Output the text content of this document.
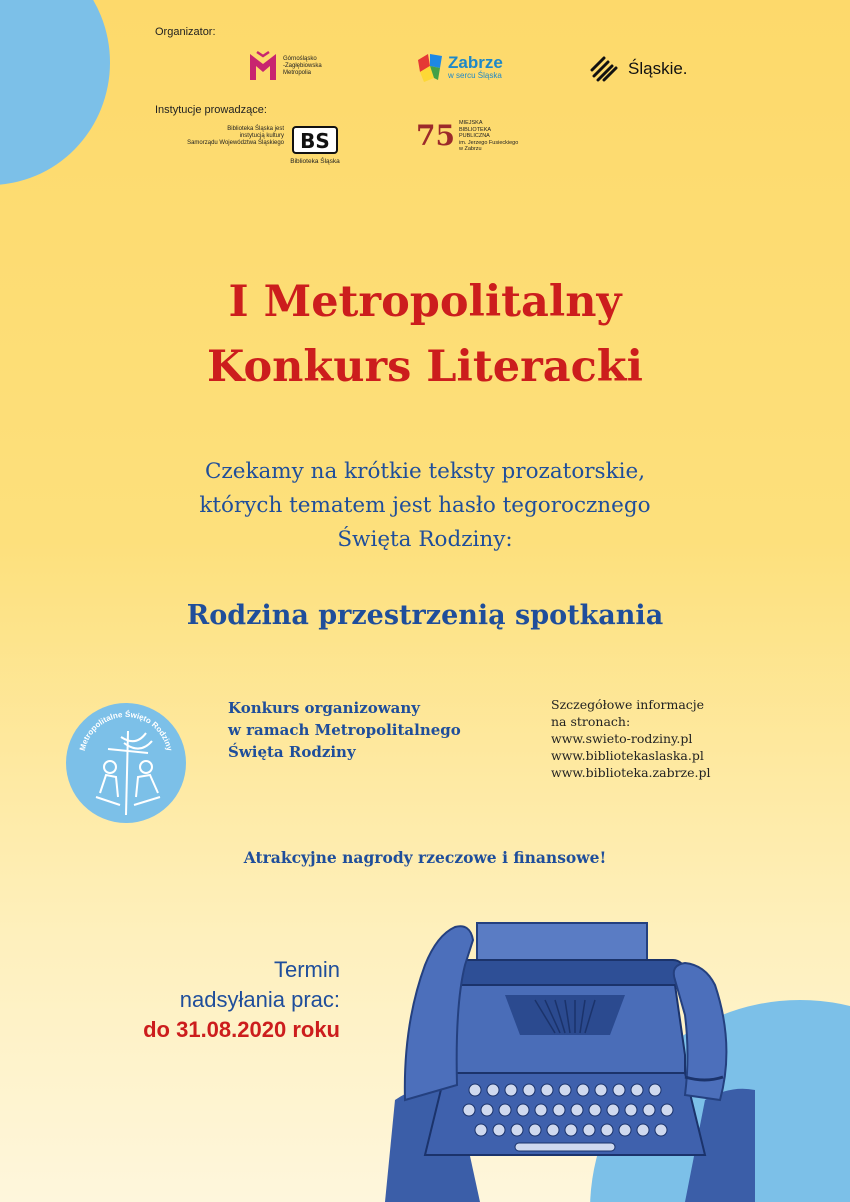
Organizator:
Instytucje prowadzące:
Górnośląsko
-Zagłębiowska
Metropolia
Zabrze
w sercu Śląska	Śląskie.
Biblioteka Śląska jest
instytucją kultury
Samorządu Województwa Śląskiego BS
Biblioteka Śląska
75 MIEJSKA
BIBLIOTEKA
PUBLICZNA
im. Jerzego Fusieckiego
w Zabrzu
I Metropolitalny
Konkurs Literacki
Czekamy na krótkie teksty prozatorskie,
których tematem jest hasło tegorocznego
Święta Rodziny:
Rodzina przestrzenią spotkania
Metropolitalne Święto Rodziny
Konkurs organizowany
w ramach Metropolitalnego
Święta Rodziny
Szczegółowe informacje
na stronach:
www.swieto-rodziny.pl
www.bibliotekaslaska.pl
www.biblioteka.zabrze.pl
Atrakcyjne nagrody rzeczowe i finansowe!
Termin
nadsyłania prac:
do 31.08.2020 roku
